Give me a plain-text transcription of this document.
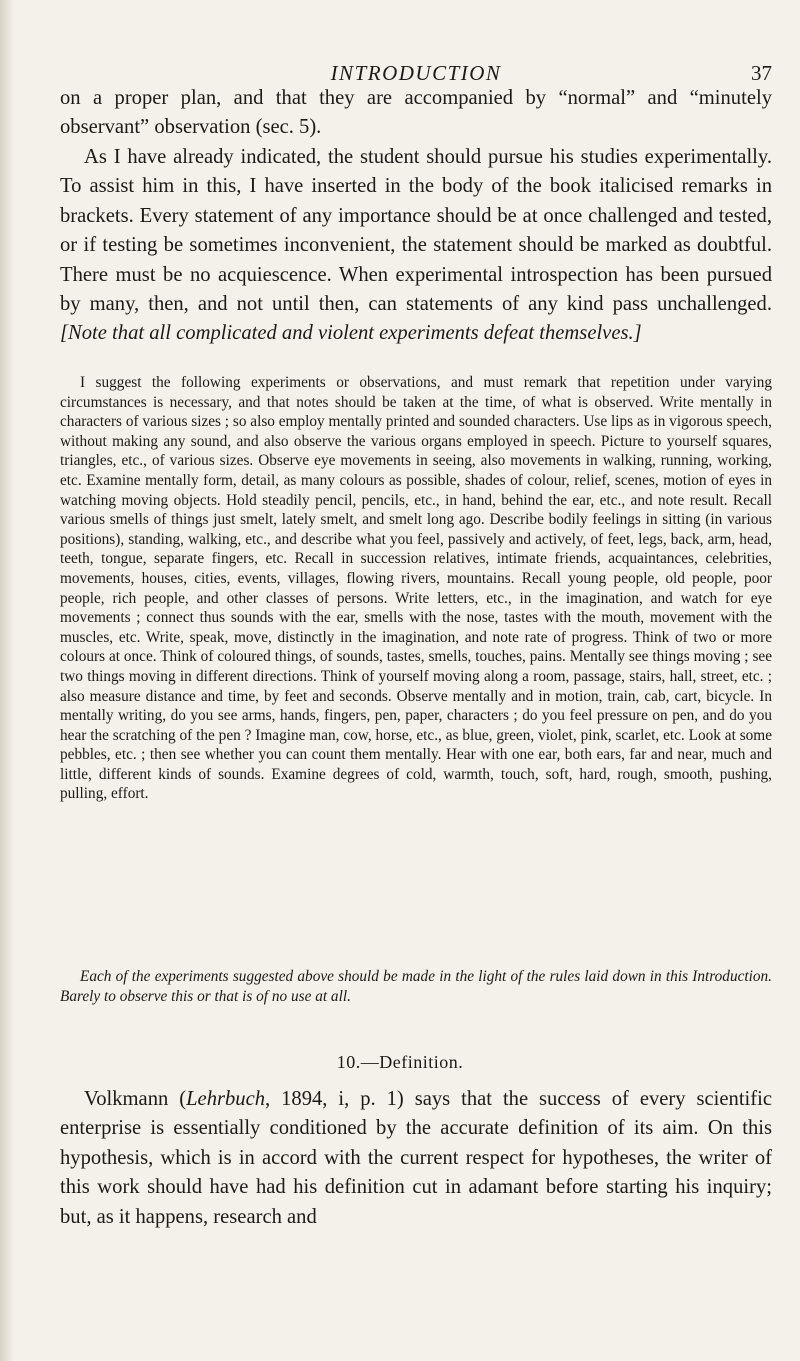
INTRODUCTION	37

on a proper plan, and that they are accompanied by “normal” and “minutely observant” observation (sec. 5).

As I have already indicated, the student should pursue his studies experimentally. To assist him in this, I have inserted in the body of the book italicised remarks in brackets. Every statement of any importance should be at once challenged and tested, or if testing be sometimes inconvenient, the statement should be marked as doubtful. There must be no acquiescence. When experimental introspection has been pursued by many, then, and not until then, can statements of any kind pass unchallenged. [Note that all complicated and violent experiments defeat themselves.]

I suggest the following experiments or observations, and must remark that repetition under varying circumstances is necessary, and that notes should be taken at the time, of what is observed. Write mentally in characters of various sizes ; so also employ mentally printed and sounded characters. Use lips as in vigorous speech, without making any sound, and also observe the various organs employed in speech. Picture to yourself squares, triangles, etc., of various sizes. Observe eye movements in seeing, also movements in walking, running, working, etc. Examine mentally form, detail, as many colours as possible, shades of colour, relief, scenes, motion of eyes in watching moving objects. Hold steadily pencil, pencils, etc., in hand, behind the ear, etc., and note result. Recall various smells of things just smelt, lately smelt, and smelt long ago. Describe bodily feelings in sitting (in various positions), standing, walking, etc., and describe what you feel, passively and actively, of feet, legs, back, arm, head, teeth, tongue, separate fingers, etc. Recall in succession relatives, intimate friends, acquaintances, celebrities, movements, houses, cities, events, villages, flowing rivers, mountains. Recall young people, old people, poor people, rich people, and other classes of persons. Write letters, etc., in the imagination, and watch for eye movements ; connect thus sounds with the ear, smells with the nose, tastes with the mouth, movement with the muscles, etc. Write, speak, move, distinctly in the imagination, and note rate of progress. Think of two or more colours at once. Think of coloured things, of sounds, tastes, smells, touches, pains. Mentally see things moving ; see two things moving in different directions. Think of yourself moving along a room, passage, stairs, hall, street, etc. ; also measure distance and time, by feet and seconds. Observe mentally and in motion, train, cab, cart, bicycle. In mentally writing, do you see arms, hands, fingers, pen, paper, characters ; do you feel pressure on pen, and do you hear the scratching of the pen ? Imagine man, cow, horse, etc., as blue, green, violet, pink, scarlet, etc. Look at some pebbles, etc. ; then see whether you can count them mentally. Hear with one ear, both ears, far and near, much and little, different kinds of sounds. Examine degrees of cold, warmth, touch, soft, hard, rough, smooth, pushing, pulling, effort.

Each of the experiments suggested above should be made in the light of the rules laid down in this Introduction. Barely to observe this or that is of no use at all.

10.—Definition.

Volkmann (Lehrbuch, 1894, i, p. 1) says that the success of every scientific enterprise is essentially conditioned by the accurate definition of its aim. On this hypothesis, which is in accord with the current respect for hypotheses, the writer of this work should have had his definition cut in adamant before starting his inquiry; but, as it happens, research and
